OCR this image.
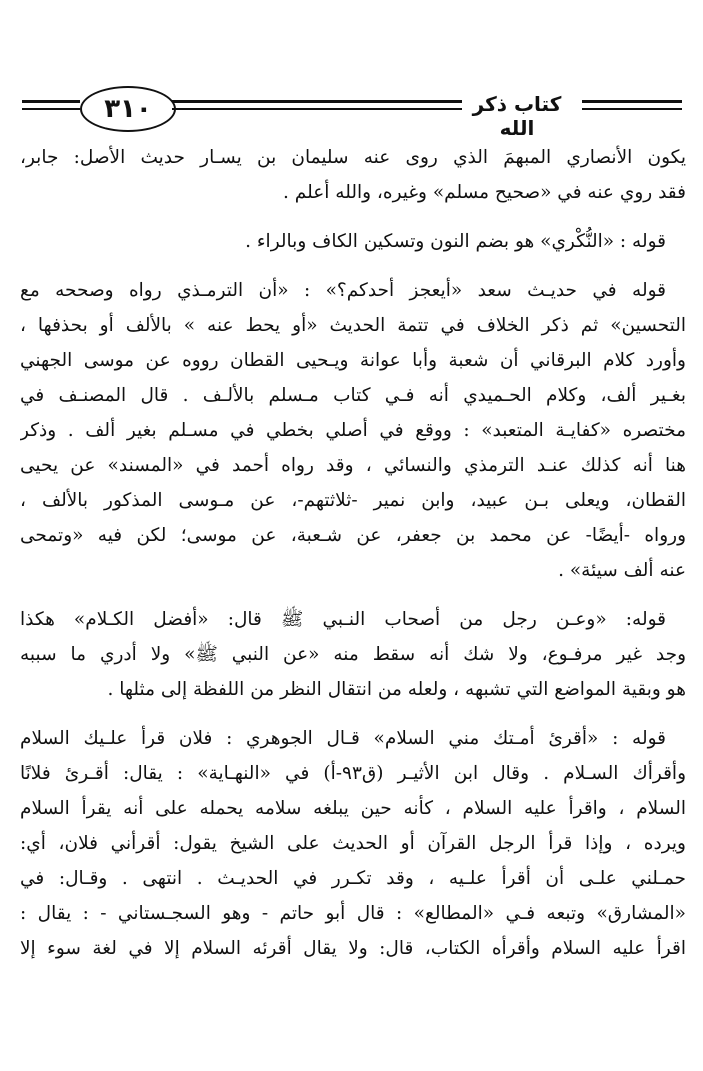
٣١٠	كتاب ذكر الله
يكون الأنصاري المبهمَ الذي روى عنه سليمان بن يسـار حديث الأصل: جابر،
فقد روي عنه في «صحيح مسلم» وغيره، والله أعلم .
قوله : «النُّكْري» هو بضم النون وتسكين الكاف وبالراء .
قوله في حديـث سعد «أيعجز أحدكم؟» : «أن الترمـذي رواه وصححه مع
التحسين» ثم ذكر الخلاف في تتمة الحديث «أو يحط عنه » بالألف أو بحذفها ،
وأورد كلام البرقاني أن شعبة وأبا عوانة ويـحيى القطان رووه عن موسى الجهني
بغـير ألف، وكلام الحـميدي أنه فـي كتاب مـسلم بالألـف . قال المصنـف في
مختصره «كفايـة المتعبد» : ووقع في أصلي بخطي في مسـلم بغير ألف . وذكر
هنا أنه كذلك عنـد الترمذي والنسائي ، وقد رواه أحمد في «المسند» عن يحيى
القطان، ويعلى بـن عبيد، وابن نمير -ثلاثتهم-، عن مـوسى المذكور بالألف ،
ورواه -أيضًا- عن محمد بن جعفر، عن شـعبة، عن موسى؛ لكن فيه «وتمحى
عنه ألف سيئة» .
قوله: «وعـن رجل من أصحاب النـبي ﷺ قال: «أفضل الكـلام» هكذا
وجد غير مرفـوع، ولا شك أنه سقط منه «عن النبي ﷺ» ولا أدري ما سببه
هو وبقية المواضع التي تشبهه ، ولعله من انتقال النظر من اللفظة إلى مثلها .
قوله : «أقرئ أمـتك مني السلام» قـال الجوهري : فلان قرأ علـيك السلام
وأقرأك السـلام . وقال ابن الأثيـر (ق٩٣-أ) في «النهـاية» : يقال: أقـرئ فلانًا
السلام ، واقرأ عليه السلام ، كأنه حين يبلغه سلامه يحمله على أنه يقرأ السلام
ويرده ، وإذا قرأ الرجل القرآن أو الحديث على الشيخ يقول: أقرأني فلان، أي:
حمـلني علـى أن أقرأ علـيه ، وقد تكـرر في الحديـث . انتهى . وقـال: في
«المشارق» وتبعه فـي «المطالع» : قال أبو حاتم - وهو السجـستاني - : يقال :
اقرأ عليه السلام وأقرأه الكتاب، قال: ولا يقال أقرئه السلام إلا في لغة سوء إلا
